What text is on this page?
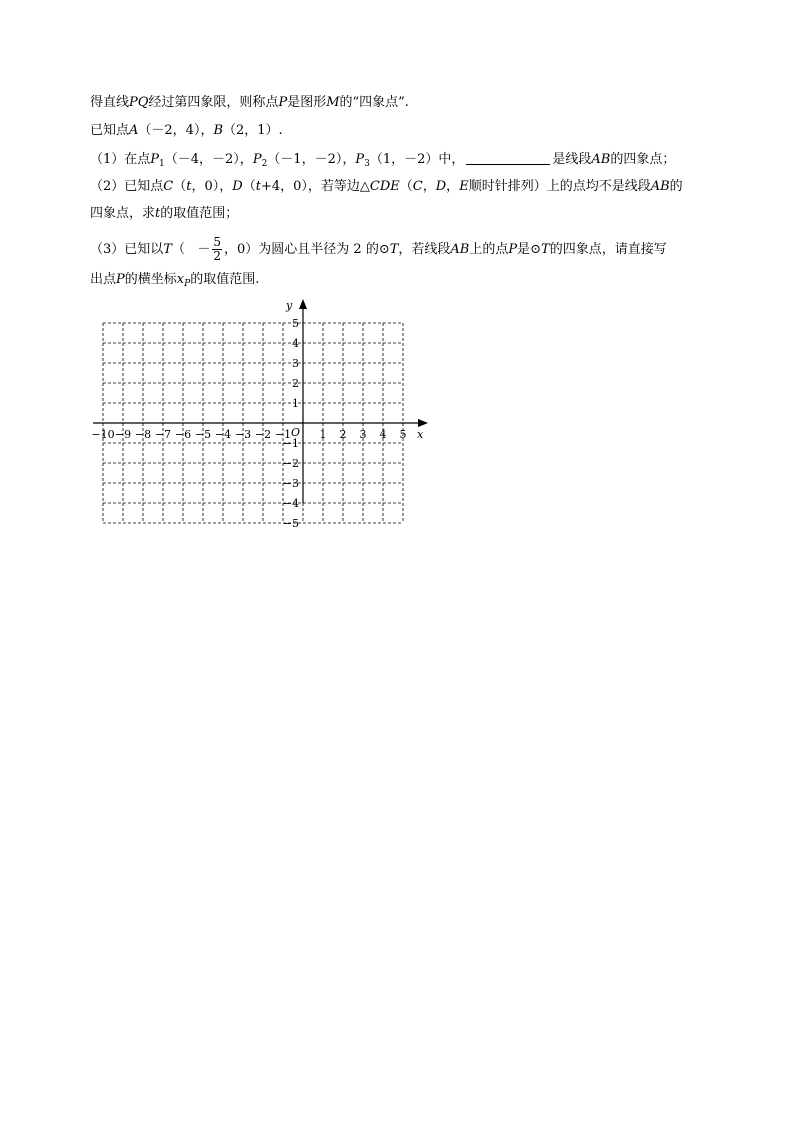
得直线PQ经过第四象限，则称点P是图形M的“四象点”.
已知点A（－2，4），B（2，1）.
（1）在点$P_1(-4$，－2），$P_2(-1$，－2），$P_3(1$，－2）中，	是线段AB的四象点；
（2）已知点C（t，0），D（t+4，0），若等边△CDE（C，D，E顺时针排列）上的点均不是线段AB的
四象点，求t的取值范围；
（3）已知以$T( - \frac{5}{2}$ ，0）为圆心且半径为 2 的⊙T，若线段AB上的点P是⊙T的四象点，请直接写
出点P的横坐标$x_P$的取值范围.
x
y
O
−10 −9 −8 −7 −6 −5 −4 −3 −2 −1	1 2 3 4 5
5
4
3
2
1
−1
−2
−3
−4
−5
